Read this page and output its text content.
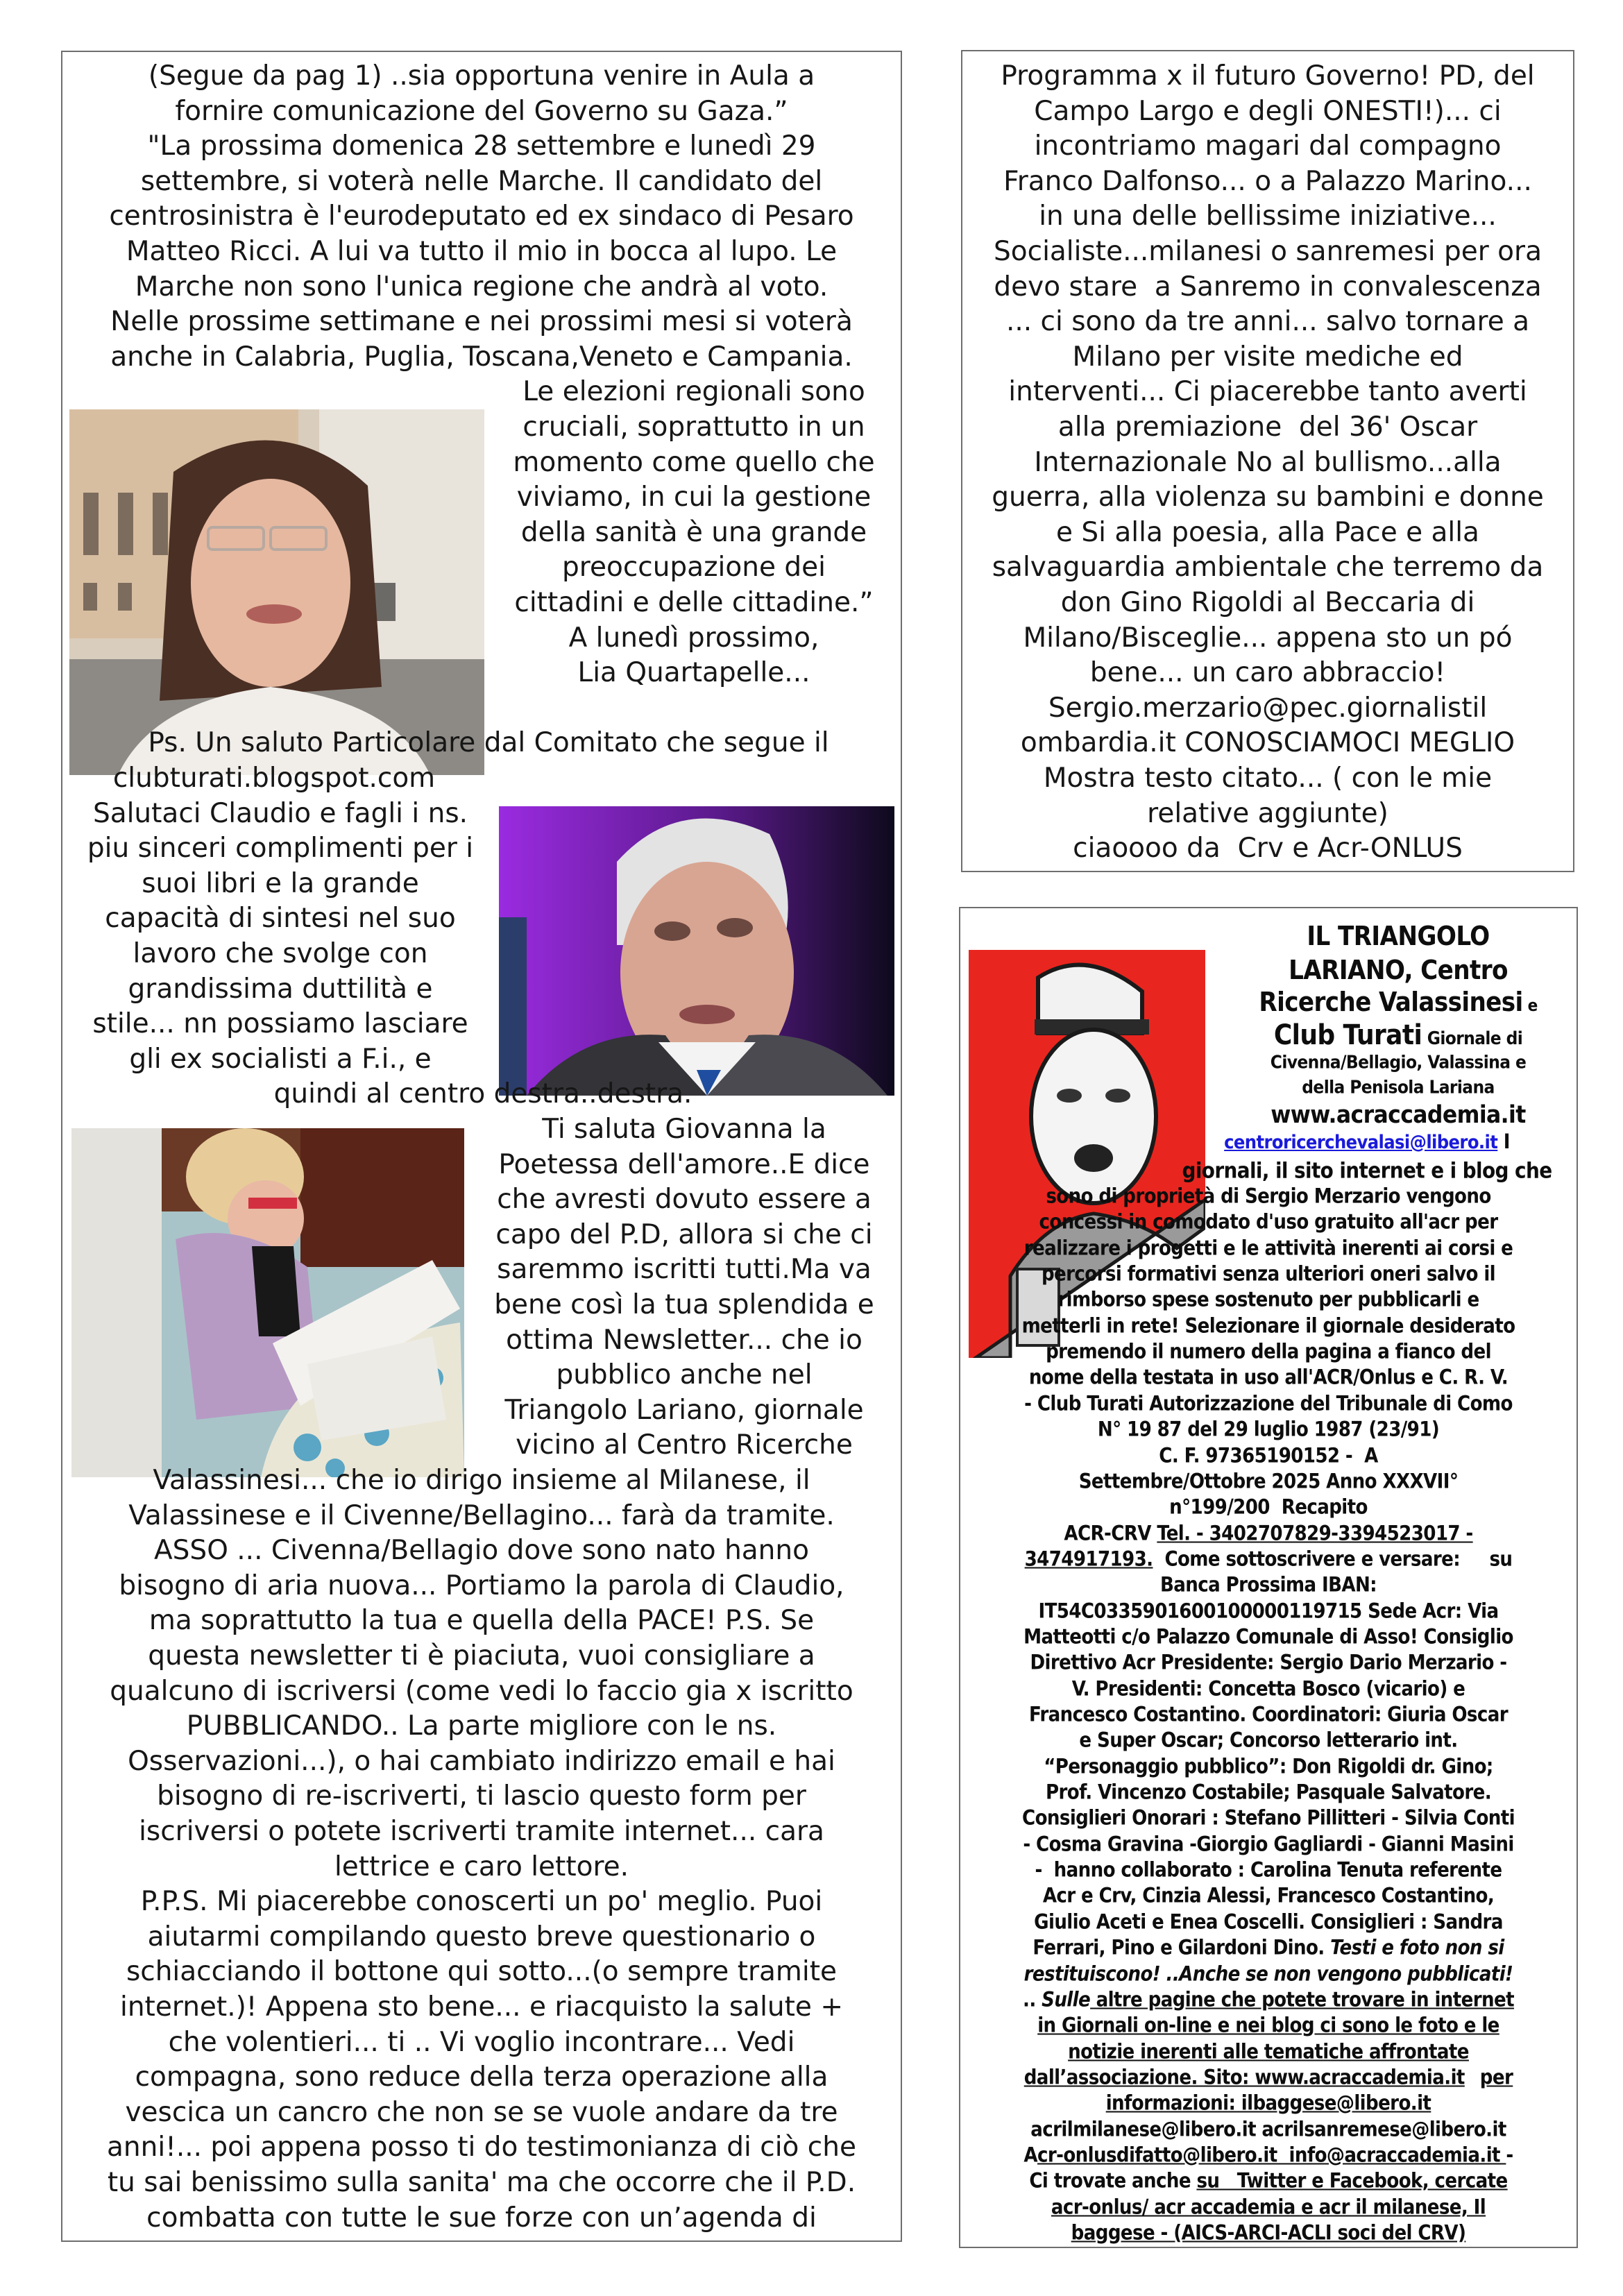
(Segue da pag 1) ..sia opportuna venire in Aula a
fornire comunicazione del Governo su Gaza.”
"La prossima domenica 28 settembre e lunedì 29
settembre, si voterà nelle Marche. Il candidato del
centrosinistra è l'eurodeputato ed ex sindaco di Pesaro
Matteo Ricci. A lui va tutto il mio in bocca al lupo. Le
Marche non sono l'unica regione che andrà al voto.
Nelle prossime settimane e nei prossimi mesi si voterà
anche in Calabria, Puglia, Toscana,Veneto e Campania.
Le elezioni regionali sono
cruciali, soprattutto in un
momento come quello che
viviamo, in cui la gestione
della sanità è una grande
preoccupazione dei
cittadini e delle cittadine.”
A lunedì prossimo,
Lia Quartapelle...
Ps. Un saluto Particolare dal Comitato che segue il
clubturati.blogspot.com
Salutaci Claudio e fagli i ns.
piu sinceri complimenti per i
suoi libri e la grande
capacità di sintesi nel suo
lavoro che svolge con
grandissima duttilità e
stile... nn possiamo lasciare
gli ex socialisti a F.i., e
quindi al centro destra..destra.
Ti saluta Giovanna la
Poetessa dell'amore..E dice
che avresti dovuto essere a
capo del P.D, allora si che ci
saremmo iscritti tutti.Ma va
bene così la tua splendida e
ottima Newsletter... che io
pubblico anche nel
Triangolo Lariano, giornale
vicino al Centro Ricerche
Valassinesi... che io dirigo insieme al Milanese, il
Valassinese e il Civenne/Bellagino... farà da tramite.
ASSO ... Civenna/Bellagio dove sono nato hanno
bisogno di aria nuova... Portiamo la parola di Claudio,
ma soprattutto la tua e quella della PACE! P.S. Se
questa newsletter ti è piaciuta, vuoi consigliare a
qualcuno di iscriversi (come vedi lo faccio gia x iscritto
PUBBLICANDO.. La parte migliore con le ns.
Osservazioni...), o hai cambiato indirizzo email e hai
bisogno di re-iscriverti, ti lascio questo form per
iscriversi o potete iscriverti tramite internet... cara
lettrice e caro lettore.
P.P.S. Mi piacerebbe conoscerti un po' meglio. Puoi
aiutarmi compilando questo breve questionario o
schiacciando il bottone qui sotto...(o sempre tramite
internet.)! Appena sto bene... e riacquisto la salute +
che volentieri... ti .. Vi voglio incontrare... Vedi
compagna, sono reduce della terza operazione alla
vescica un cancro che non se se vuole andare da tre
anni!... poi appena posso ti do testimonianza di ciò che
tu sai benissimo sulla sanita' ma che occorre che il P.D.
combatta con tutte le sue forze con un’agenda di
Programma x il futuro Governo! PD, del
Campo Largo e degli ONESTI!)... ci
incontriamo magari dal compagno
Franco Dalfonso... o a Palazzo Marino...
in una delle bellissime iniziative...
Socialiste...milanesi o sanremesi per ora
devo stare  a Sanremo in convalescenza
... ci sono da tre anni... salvo tornare a
Milano per visite mediche ed
interventi... Ci piacerebbe tanto averti
alla premiazione  del 36' Oscar
Internazionale No al bullismo...alla
guerra, alla violenza su bambini e donne
e Si alla poesia, alla Pace e alla
salvaguardia ambientale che terremo da
don Gino Rigoldi al Beccaria di
Milano/Bisceglie... appena sto un pó
bene... un caro abbraccio!
Sergio.merzario@pec.giornalistil
ombardia.it CONOSCIAMOCI MEGLIO
Mostra testo citato... ( con le mie
relative aggiunte)
ciaoooo da  Crv e Acr-ONLUS
IL TRIANGOLO
LARIANO, Centro
Ricerche Valassinesi e
Club Turati Giornale di
Civenna/Bellagio, Valassina e
della Penisola Lariana
www.acraccademia.it
centroricerchevalasi@libero.it I
giornali, il sito internet e i blog che
sono di proprietà di Sergio Merzario vengono
concessi in comodato d'uso gratuito all'acr per
realizzare i progetti e le attività inerenti ai corsi e
percorsi formativi senza ulteriori oneri salvo il
rimborso spese sostenuto per pubblicarli e
metterli in rete! Selezionare il giornale desiderato
premendo il numero della pagina a fianco del
nome della testata in uso all'ACR/Onlus e C. R. V.
- Club Turati Autorizzazione del Tribunale di Como
N° 19 87 del 29 luglio 1987 (23/91)
C. F. 97365190152 -  A
Settembre/Ottobre 2025 Anno XXXVII°
n°199/200  Recapito
ACR-CRV Tel. - 3402707829-3394523017 -
3474917193.  Come sottoscrivere e versare:     su
Banca Prossima IBAN:
IT54C0335901600100000119715 Sede Acr: Via
Matteotti c/o Palazzo Comunale di Asso! Consiglio
Direttivo Acr Presidente: Sergio Dario Merzario -
V. Presidenti: Concetta Bosco (vicario) e
Francesco Costantino. Coordinatori: Giuria Oscar
e Super Oscar; Concorso letterario int.
“Personaggio pubblico”: Don Rigoldi dr. Gino;
Prof. Vincenzo Costabile; Pasquale Salvatore.
Consiglieri Onorari : Stefano Pillitteri - Silvia Conti
- Cosma Gravina -Giorgio Gagliardi - Gianni Masini
-  hanno collaborato : Carolina Tenuta referente
Acr e Crv, Cinzia Alessi, Francesco Costantino,
Giulio Aceti e Enea Coscelli. Consiglieri : Sandra
Ferrari, Pino e Gilardoni Dino. Testi e foto non si
restituiscono! ..Anche se non vengono pubblicati!
.. Sulle altre pagine che potete trovare in internet
in Giornali on-line e nei blog ci sono le foto e le
notizie inerenti alle tematiche affrontate
dall’associazione. Sito: www.acraccademia.it per
informazioni: ilbaggese@libero.it
acrilmilanese@libero.it acrilsanremese@libero.it
Acr-onlusdifatto@libero.it  info@acraccademia.it -
Ci trovate anche su   Twitter e Facebook, cercate
acr-onlus/ acr accademia e acr il milanese, Il
baggese - (AICS-ARCI-ACLI soci del CRV)
